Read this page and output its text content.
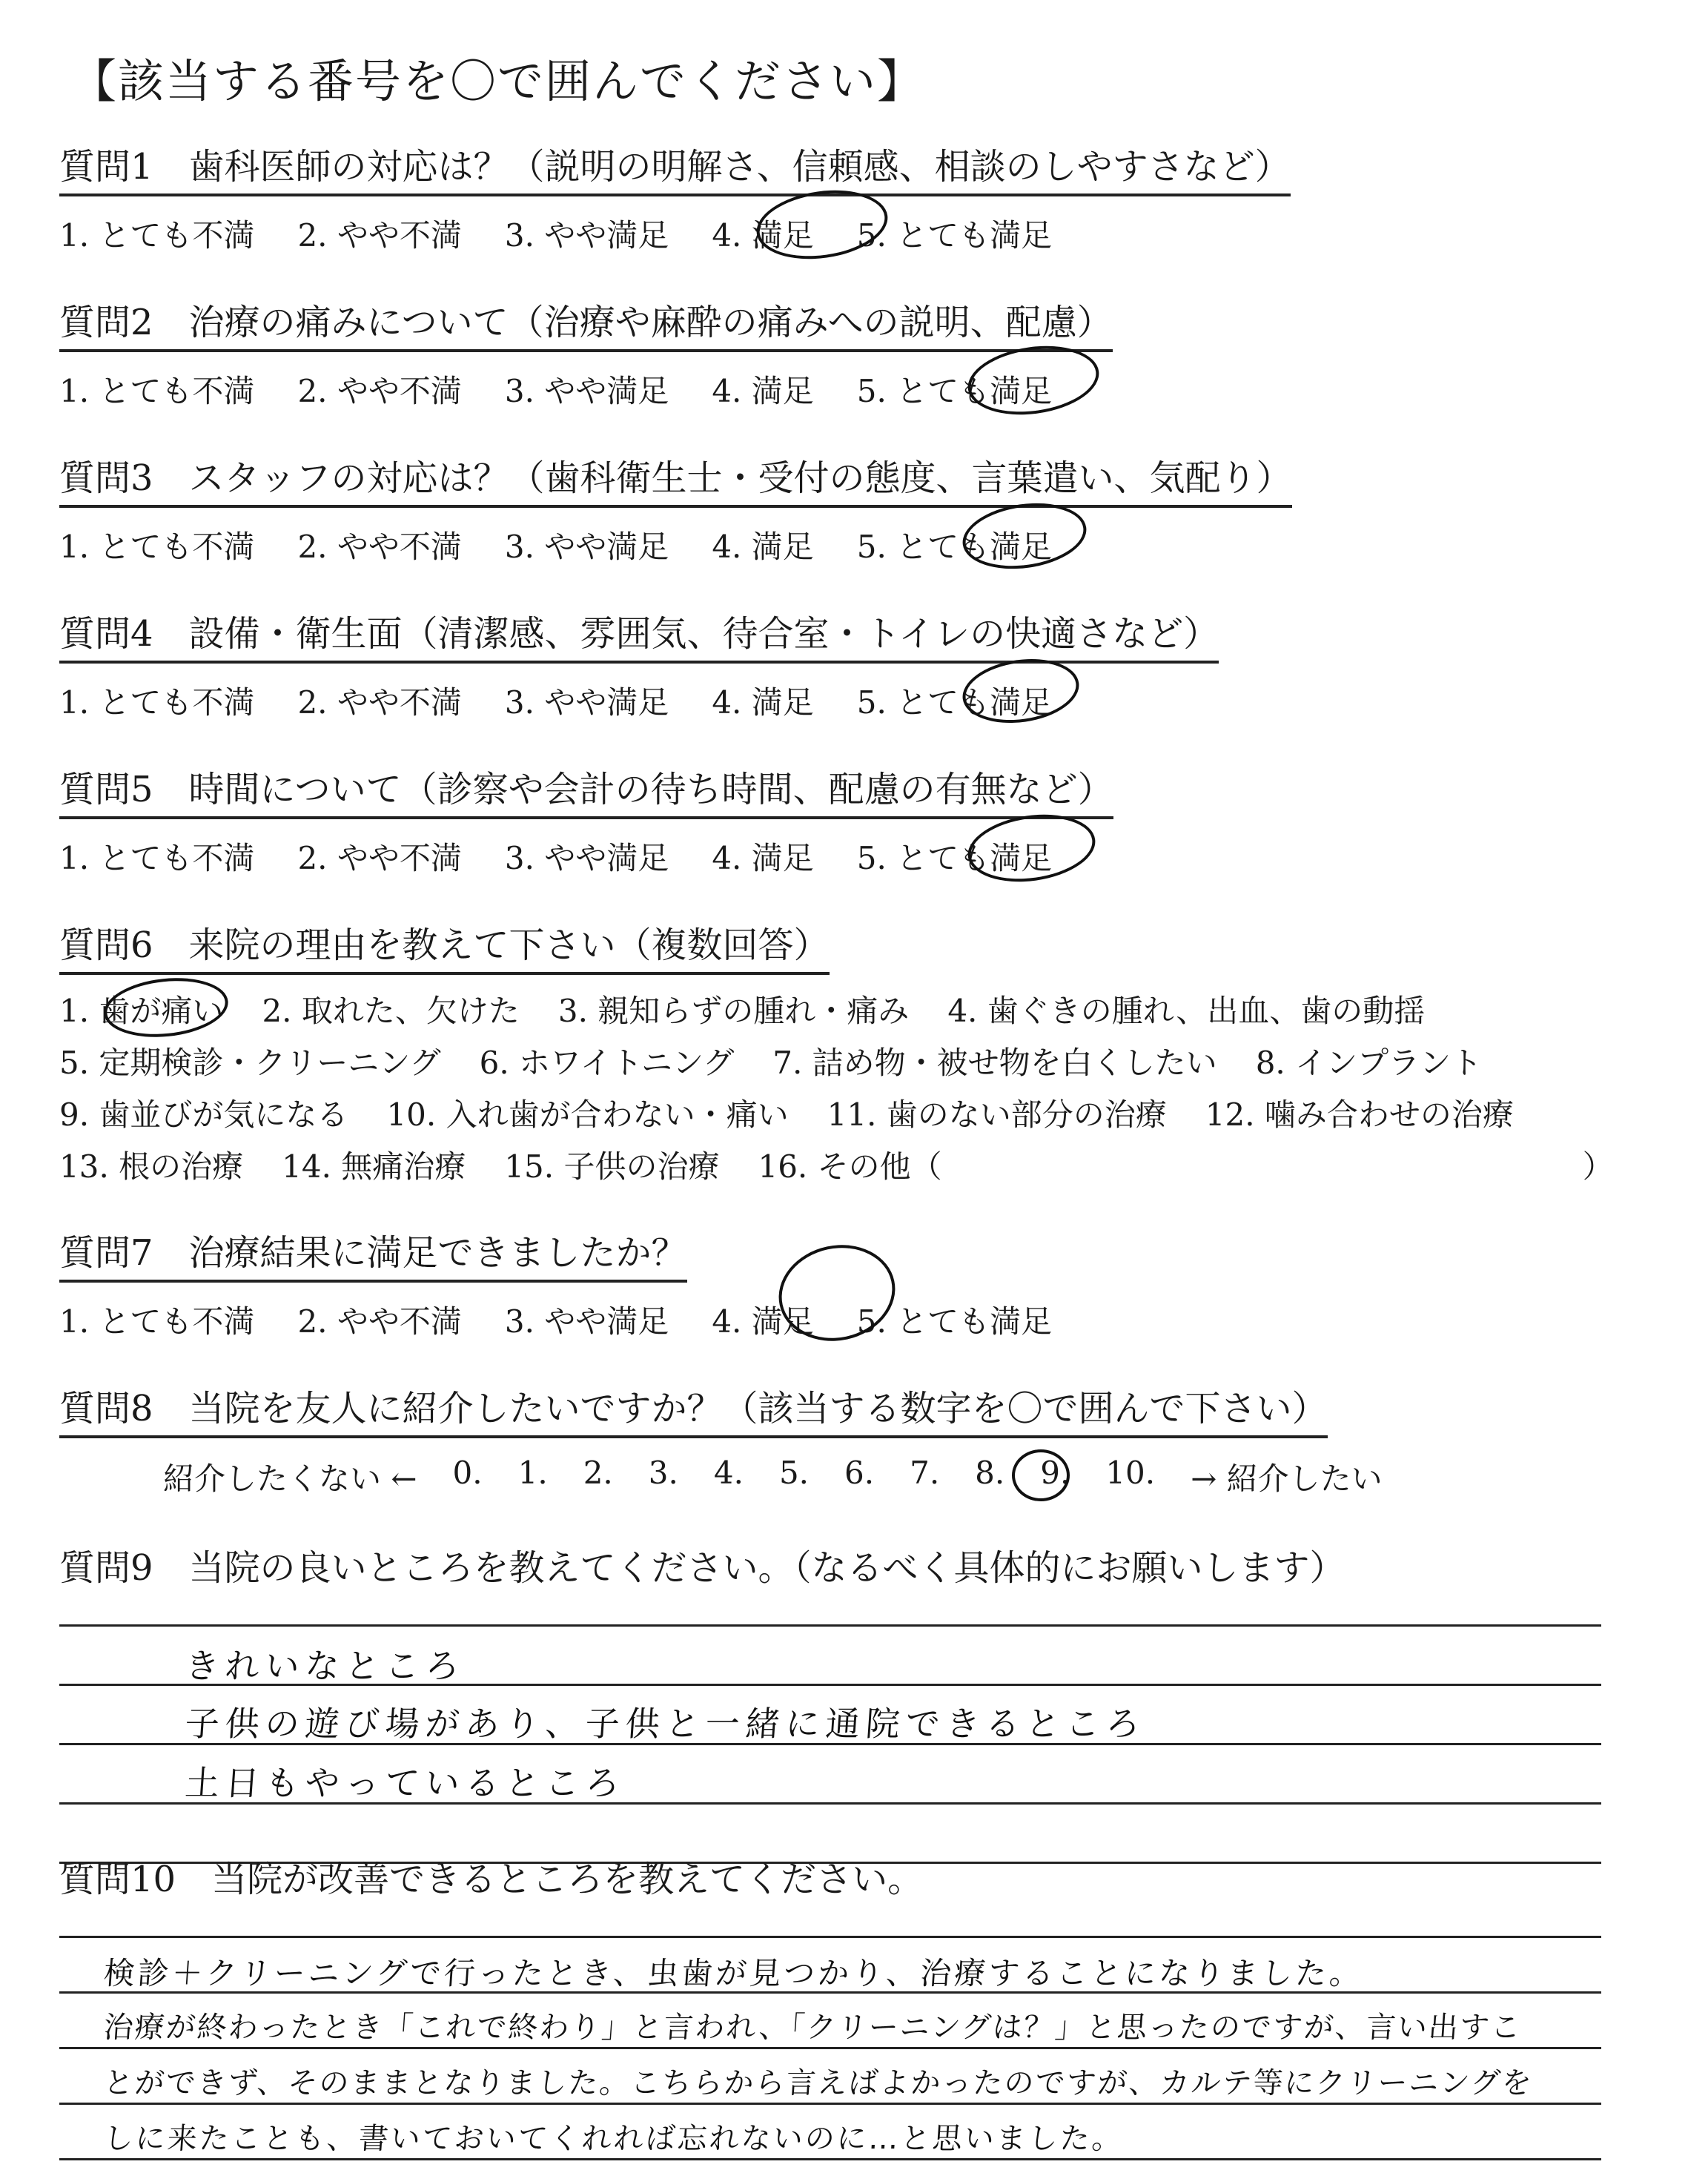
【該当する番号を〇で囲んでください】
質問1　歯科医師の対応は？（説明の明解さ、信頼感、相談のしやすさなど）
1. とても不満 2. やや不満 3. やや満足 4. 満足 5. とても満足
質問2　治療の痛みについて（治療や麻酔の痛みへの説明、配慮）
1. とても不満 2. やや不満 3. やや満足 4. 満足 5. とても満足
質問3　スタッフの対応は？（歯科衛生士・受付の態度、言葉遣い、気配り）
1. とても不満 2. やや不満 3. やや満足 4. 満足 5. とても満足
質問4　設備・衛生面（清潔感、雰囲気、待合室・トイレの快適さなど）
1. とても不満 2. やや不満 3. やや満足 4. 満足 5. とても満足
質問5　時間について（診察や会計の待ち時間、配慮の有無など）
1. とても不満 2. やや不満 3. やや満足 4. 満足 5. とても満足
質問6　来院の理由を教えて下さい（複数回答）
1. 歯が痛い 2. 取れた、欠けた 3. 親知らずの腫れ・痛み 4. 歯ぐきの腫れ、出血、歯の動揺
5. 定期検診・クリーニング 6. ホワイトニング 7. 詰め物・被せ物を白くしたい 8. インプラント
9. 歯並びが気になる 10. 入れ歯が合わない・痛い 11. 歯のない部分の治療 12. 噛み合わせの治療
13. 根の治療 14. 無痛治療 15. 子供の治療 16. その他（	）
質問7　治療結果に満足できましたか？
1. とても不満 2. やや不満 3. やや満足 4. 満足 5. とても満足
質問8　当院を友人に紹介したいですか？（該当する数字を〇で囲んで下さい）
紹介したくない ← 0. 1. 2. 3. 4. 5. 6. 7. 8. 9. 10. → 紹介したい
質問9　当院の良いところを教えてください。（なるべく具体的にお願いします）
きれいなところ
子供の遊び場があり、子供と一緒に通院できるところ
土日もやっているところ
質問10　当院が改善できるところを教えてください。
検診＋クリーニングで行ったとき、虫歯が見つかり、治療することになりました。
治療が終わったとき「これで終わり」と言われ、「クリーニングは？」と思ったのですが、言い出すこ
とができず、そのままとなりました。こちらから言えばよかったのですが、カルテ等にクリーニングを
しに来たことも、書いておいてくれれば忘れないのに…と思いました。
